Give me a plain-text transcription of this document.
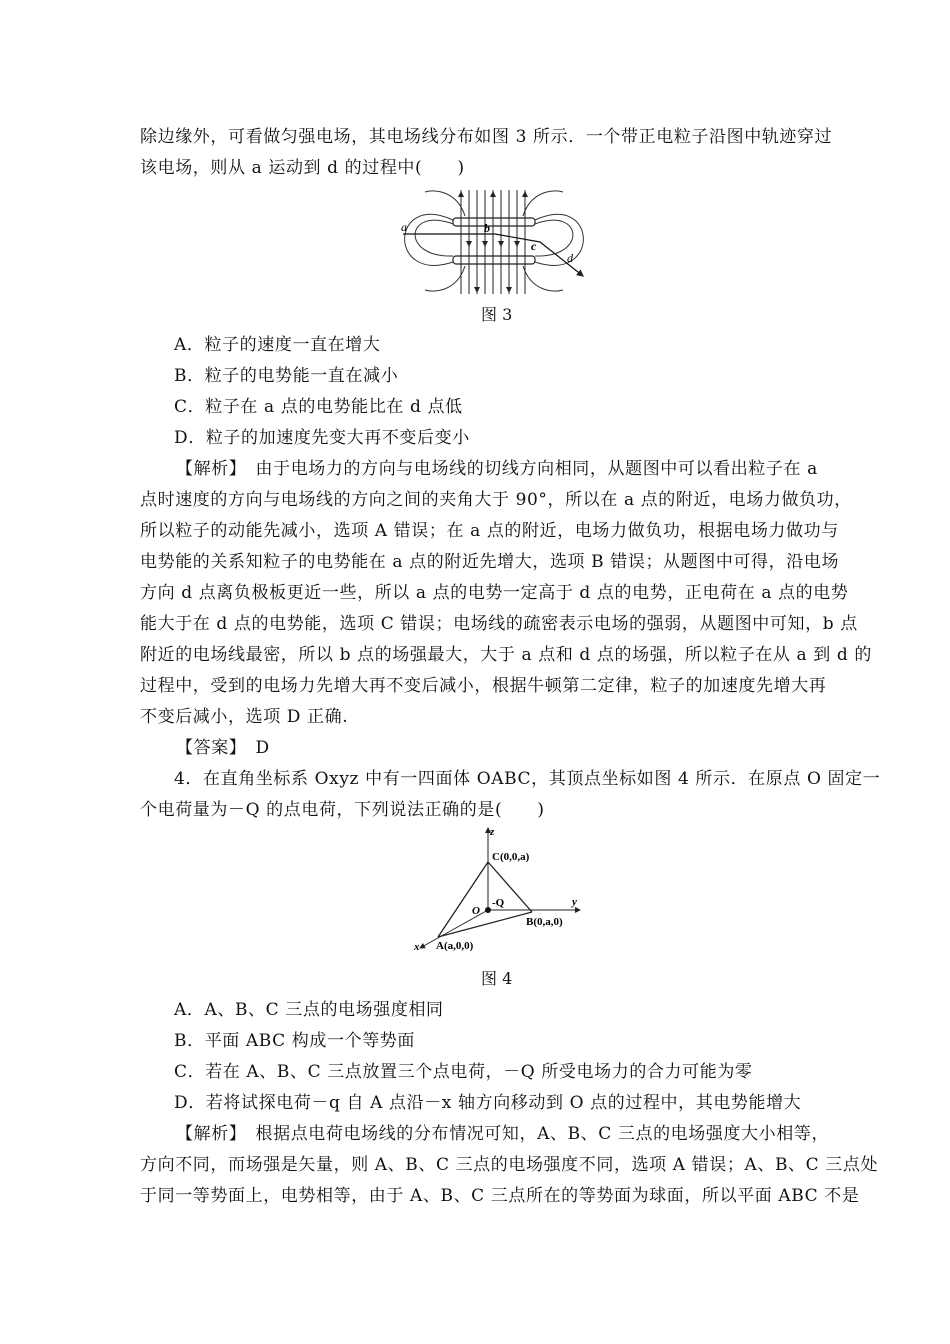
除边缘外，可看做匀强电场，其电场线分布如图 3 所示．一个带正电粒子沿图中轨迹穿过
该电场，则从 a 运动到 d 的过程中(　　)
a	b
c
d
图 3
A．粒子的速度一直在增大
B．粒子的电势能一直在减小
C．粒子在 a 点的电势能比在 d 点低
D．粒子的加速度先变大再不变后变小
【解析】　由于电场力的方向与电场线的切线方向相同，从题图中可以看出粒子在 a
点时速度的方向与电场线的方向之间的夹角大于 90°，所以在 a 点的附近，电场力做负功，
所以粒子的动能先减小，选项 A 错误；在 a 点的附近，电场力做负功，根据电场力做功与
电势能的关系知粒子的电势能在 a 点的附近先增大，选项 B 错误；从题图中可得，沿电场
方向 d 点离负极板更近一些，所以 a 点的电势一定高于 d 点的电势，正电荷在 a 点的电势
能大于在 d 点的电势能，选项 C 错误；电场线的疏密表示电场的强弱，从题图中可知，b 点
附近的电场线最密，所以 b 点的场强最大，大于 a 点和 d 点的场强，所以粒子在从 a 到 d 的
过程中，受到的电场力先增大再不变后减小，根据牛顿第二定律，粒子的加速度先增大再
不变后减小，选项 D 正确.
【答案】　D
4．在直角坐标系 Oxyz 中有一四面体 OABC，其顶点坐标如图 4 所示．在原点 O 固定一
个电荷量为－Q 的点电荷，下列说法正确的是(　　)
z
y
x
O
-Q
C(0,0,a)
B(0,a,0)
A(a,0,0)
图 4
A．A、B、C 三点的电场强度相同
B．平面 ABC 构成一个等势面
C．若在 A、B、C 三点放置三个点电荷，－Q 所受电场力的合力可能为零
D．若将试探电荷－q 自 A 点沿－x 轴方向移动到 O 点的过程中，其电势能增大
【解析】　根据点电荷电场线的分布情况可知，A、B、C 三点的电场强度大小相等，
方向不同，而场强是矢量，则 A、B、C 三点的电场强度不同，选项 A 错误；A、B、C 三点处
于同一等势面上，电势相等，由于 A、B、C 三点所在的等势面为球面，所以平面 ABC 不是
